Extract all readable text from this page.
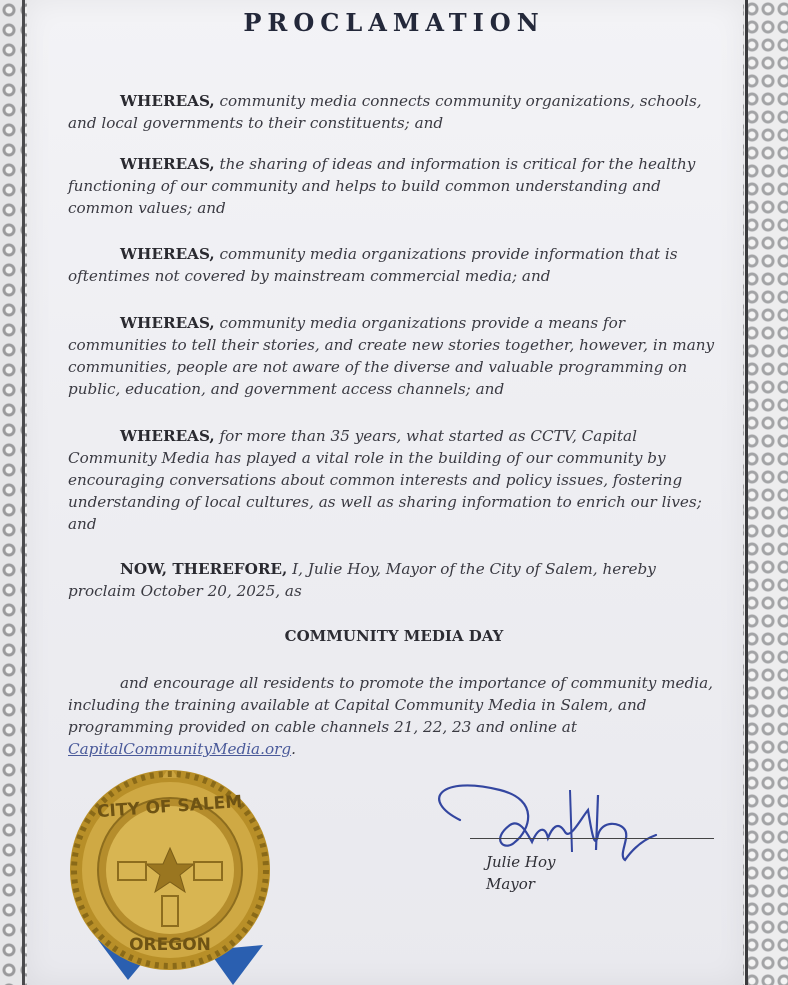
PROCLAMATION
WHEREAS, community media connects community organizations, schools, and local governments to their constituents; and
WHEREAS, the sharing of ideas and information is critical for the healthy functioning of our community and helps to build common understanding and common values; and
WHEREAS, community media organizations provide information that is oftentimes not covered by mainstream commercial media; and
WHEREAS, community media organizations provide a means for communities to tell their stories, and create new stories together, however, in many communities, people are not aware of the diverse and valuable programming on public, education, and government access channels; and
WHEREAS, for more than 35 years, what started as CCTV, Capital Community Media has played a vital role in the building of our community by encouraging conversations about common interests and policy issues, fostering understanding of local cultures, as well as sharing information to enrich our lives; and
NOW, THEREFORE, I, Julie Hoy, Mayor of the City of Salem, hereby proclaim October 20, 2025, as
COMMUNITY MEDIA DAY
and encourage all residents to promote the importance of community media, including the training available at Capital Community Media in Salem, and programming provided on cable channels 21, 22, 23 and online at CapitalCommunityMedia.org.
Julie Hoy
Mayor
CITY OF SALEM
OREGON
